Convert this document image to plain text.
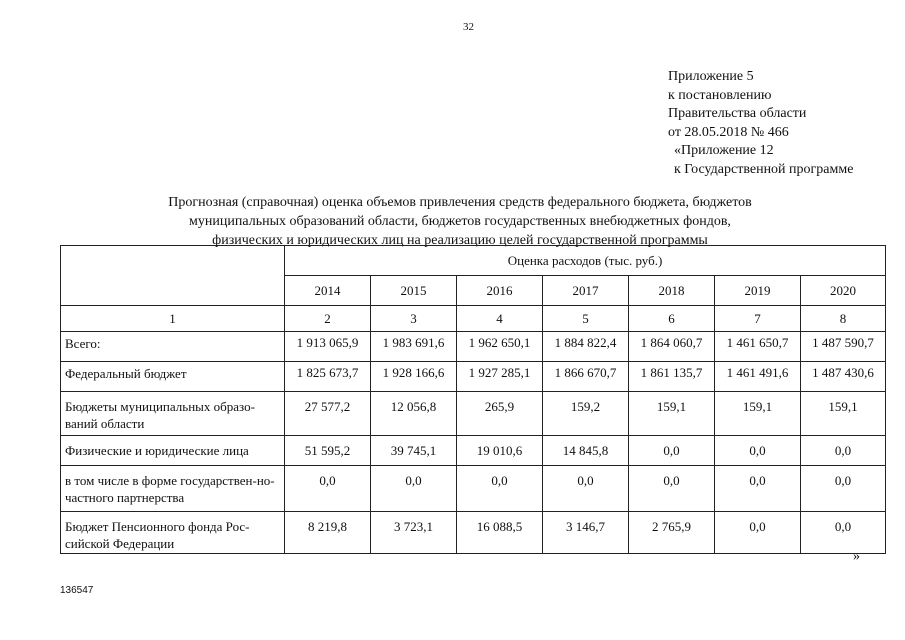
32
Приложение 5
к постановлению
Правительства области
от 28.05.2018 № 466
«Приложение 12
к Государственной программе
Прогнозная (справочная) оценка объемов привлечения средств федерального бюджета, бюджетов
муниципальных образований области, бюджетов государственных внебюджетных фондов,
физических и юридических лиц на реализацию целей государственной программы
	Оценка расходов (тыс. руб.)						
	2014	2015	2016	2017	2018	2019	2020
1	2	3	4	5	6	7	8
Всего:	1 913 065,9	1 983 691,6	1 962 650,1	1 884 822,4	1 864 060,7	1 461 650,7	1 487 590,7
Федеральный бюджет	1 825 673,7	1 928 166,6	1 927 285,1	1 866 670,7	1 861 135,7	1 461 491,6	1 487 430,6
Бюджеты муниципальных образо-ваний области	27 577,2	12 056,8	265,9	159,2	159,1	159,1	159,1
Физические и юридические лица	51 595,2	39 745,1	19 010,6	14 845,8	0,0	0,0	0,0
в том числе в форме государствен-но-частного партнерства	0,0	0,0	0,0	0,0	0,0	0,0	0,0
Бюджет Пенсионного фонда Рос-сийской Федерации	8 219,8	3 723,1	16 088,5	3 146,7	2 765,9	0,0	0,0
»
136547
